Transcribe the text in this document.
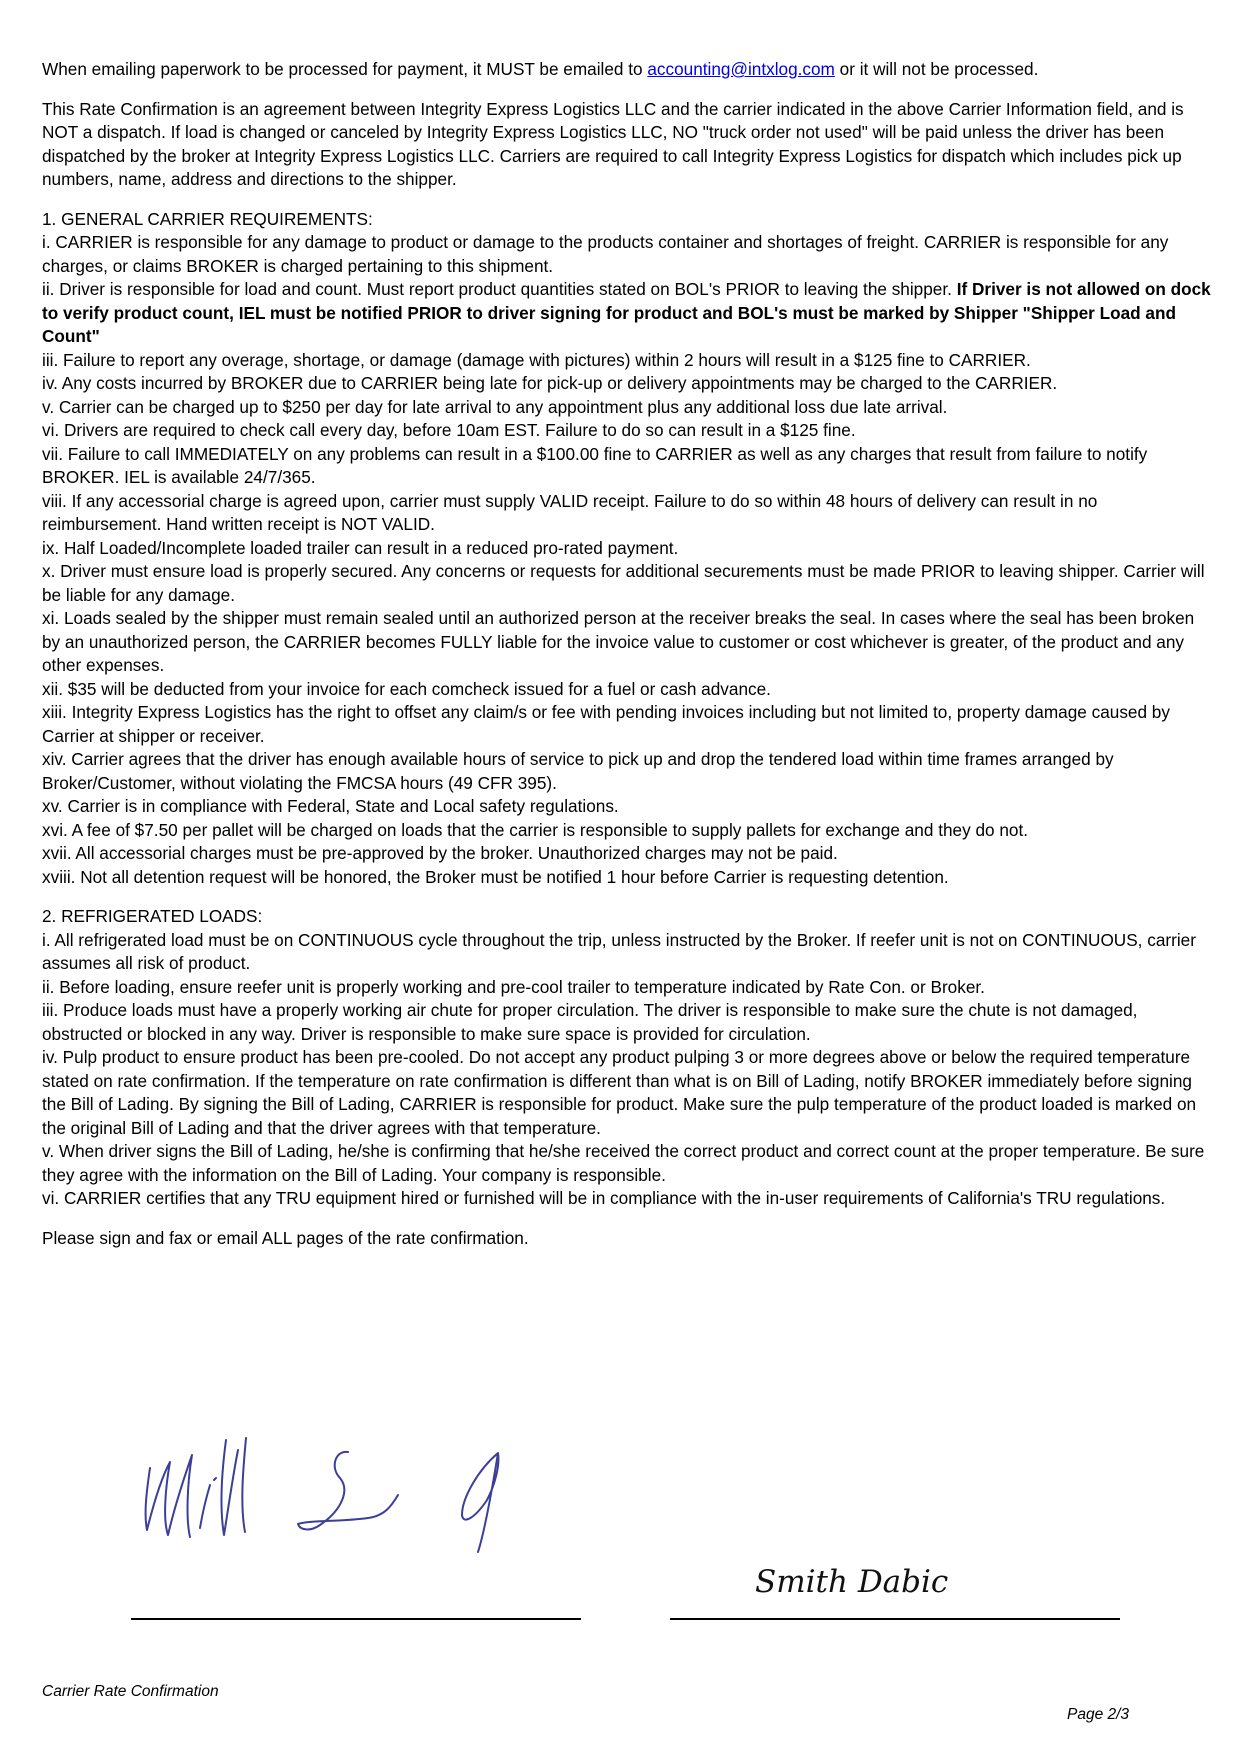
When emailing paperwork to be processed for payment, it MUST be emailed to accounting@intxlog.com or it will not be processed.

This Rate Confirmation is an agreement between Integrity Express Logistics LLC and the carrier indicated in the above Carrier Information field, and is NOT a dispatch. If load is changed or canceled by Integrity Express Logistics LLC, NO "truck order not used" will be paid unless the driver has been dispatched by the broker at Integrity Express Logistics LLC. Carriers are required to call Integrity Express Logistics for dispatch which includes pick up numbers, name, address and directions to the shipper.

1. GENERAL CARRIER REQUIREMENTS:

i. CARRIER is responsible for any damage to product or damage to the products container and shortages of freight. CARRIER is responsible for any charges, or claims BROKER is charged pertaining to this shipment.

ii. Driver is responsible for load and count. Must report product quantities stated on BOL's PRIOR to leaving the shipper. If Driver is not allowed on dock to verify product count, IEL must be notified PRIOR to driver signing for product and BOL's must be marked by Shipper "Shipper Load and Count"

iii. Failure to report any overage, shortage, or damage (damage with pictures) within 2 hours will result in a $125 fine to CARRIER.

iv. Any costs incurred by BROKER due to CARRIER being late for pick-up or delivery appointments may be charged to the CARRIER.

v. Carrier can be charged up to $250 per day for late arrival to any appointment plus any additional loss due late arrival.

vi. Drivers are required to check call every day, before 10am EST. Failure to do so can result in a $125 fine.

vii. Failure to call IMMEDIATELY on any problems can result in a $100.00 fine to CARRIER as well as any charges that result from failure to notify BROKER. IEL is available 24/7/365.

viii. If any accessorial charge is agreed upon, carrier must supply VALID receipt. Failure to do so within 48 hours of delivery can result in no reimbursement. Hand written receipt is NOT VALID.

ix. Half Loaded/Incomplete loaded trailer can result in a reduced pro-rated payment.

x. Driver must ensure load is properly secured. Any concerns or requests for additional securements must be made PRIOR to leaving shipper. Carrier will be liable for any damage.

xi. Loads sealed by the shipper must remain sealed until an authorized person at the receiver breaks the seal. In cases where the seal has been broken by an unauthorized person, the CARRIER becomes FULLY liable for the invoice value to customer or cost whichever is greater, of the product and any other expenses.

xii. $35 will be deducted from your invoice for each comcheck issued for a fuel or cash advance.

xiii. Integrity Express Logistics has the right to offset any claim/s or fee with pending invoices including but not limited to, property damage caused by Carrier at shipper or receiver.

xiv. Carrier agrees that the driver has enough available hours of service to pick up and drop the tendered load within time frames arranged by Broker/Customer, without violating the FMCSA hours (49 CFR 395).

xv. Carrier is in compliance with Federal, State and Local safety regulations.

xvi. A fee of $7.50 per pallet will be charged on loads that the carrier is responsible to supply pallets for exchange and they do not.

xvii. All accessorial charges must be pre-approved by the broker. Unauthorized charges may not be paid.

xviii. Not all detention request will be honored, the Broker must be notified 1 hour before Carrier is requesting detention.

2. REFRIGERATED LOADS:

i. All refrigerated load must be on CONTINUOUS cycle throughout the trip, unless instructed by the Broker. If reefer unit is not on CONTINUOUS, carrier assumes all risk of product.

ii. Before loading, ensure reefer unit is properly working and pre-cool trailer to temperature indicated by Rate Con. or Broker.

iii. Produce loads must have a properly working air chute for proper circulation. The driver is responsible to make sure the chute is not damaged, obstructed or blocked in any way. Driver is responsible to make sure space is provided for circulation.

iv. Pulp product to ensure product has been pre-cooled. Do not accept any product pulping 3 or more degrees above or below the required temperature stated on rate confirmation. If the temperature on rate confirmation is different than what is on Bill of Lading, notify BROKER immediately before signing the Bill of Lading. By signing the Bill of Lading, CARRIER is responsible for product. Make sure the pulp temperature of the product loaded is marked on the original Bill of Lading and that the driver agrees with that temperature.

v. When driver signs the Bill of Lading, he/she is confirming that he/she received the correct product and correct count at the proper temperature. Be sure they agree with the information on the Bill of Lading. Your company is responsible.

vi. CARRIER certifies that any TRU equipment hired or furnished will be in compliance with the in-user requirements of California's TRU regulations.

Please sign and fax or email ALL pages of the rate confirmation.

Smith Dabic
Carrier Rate Confirmation
Page 2/3
